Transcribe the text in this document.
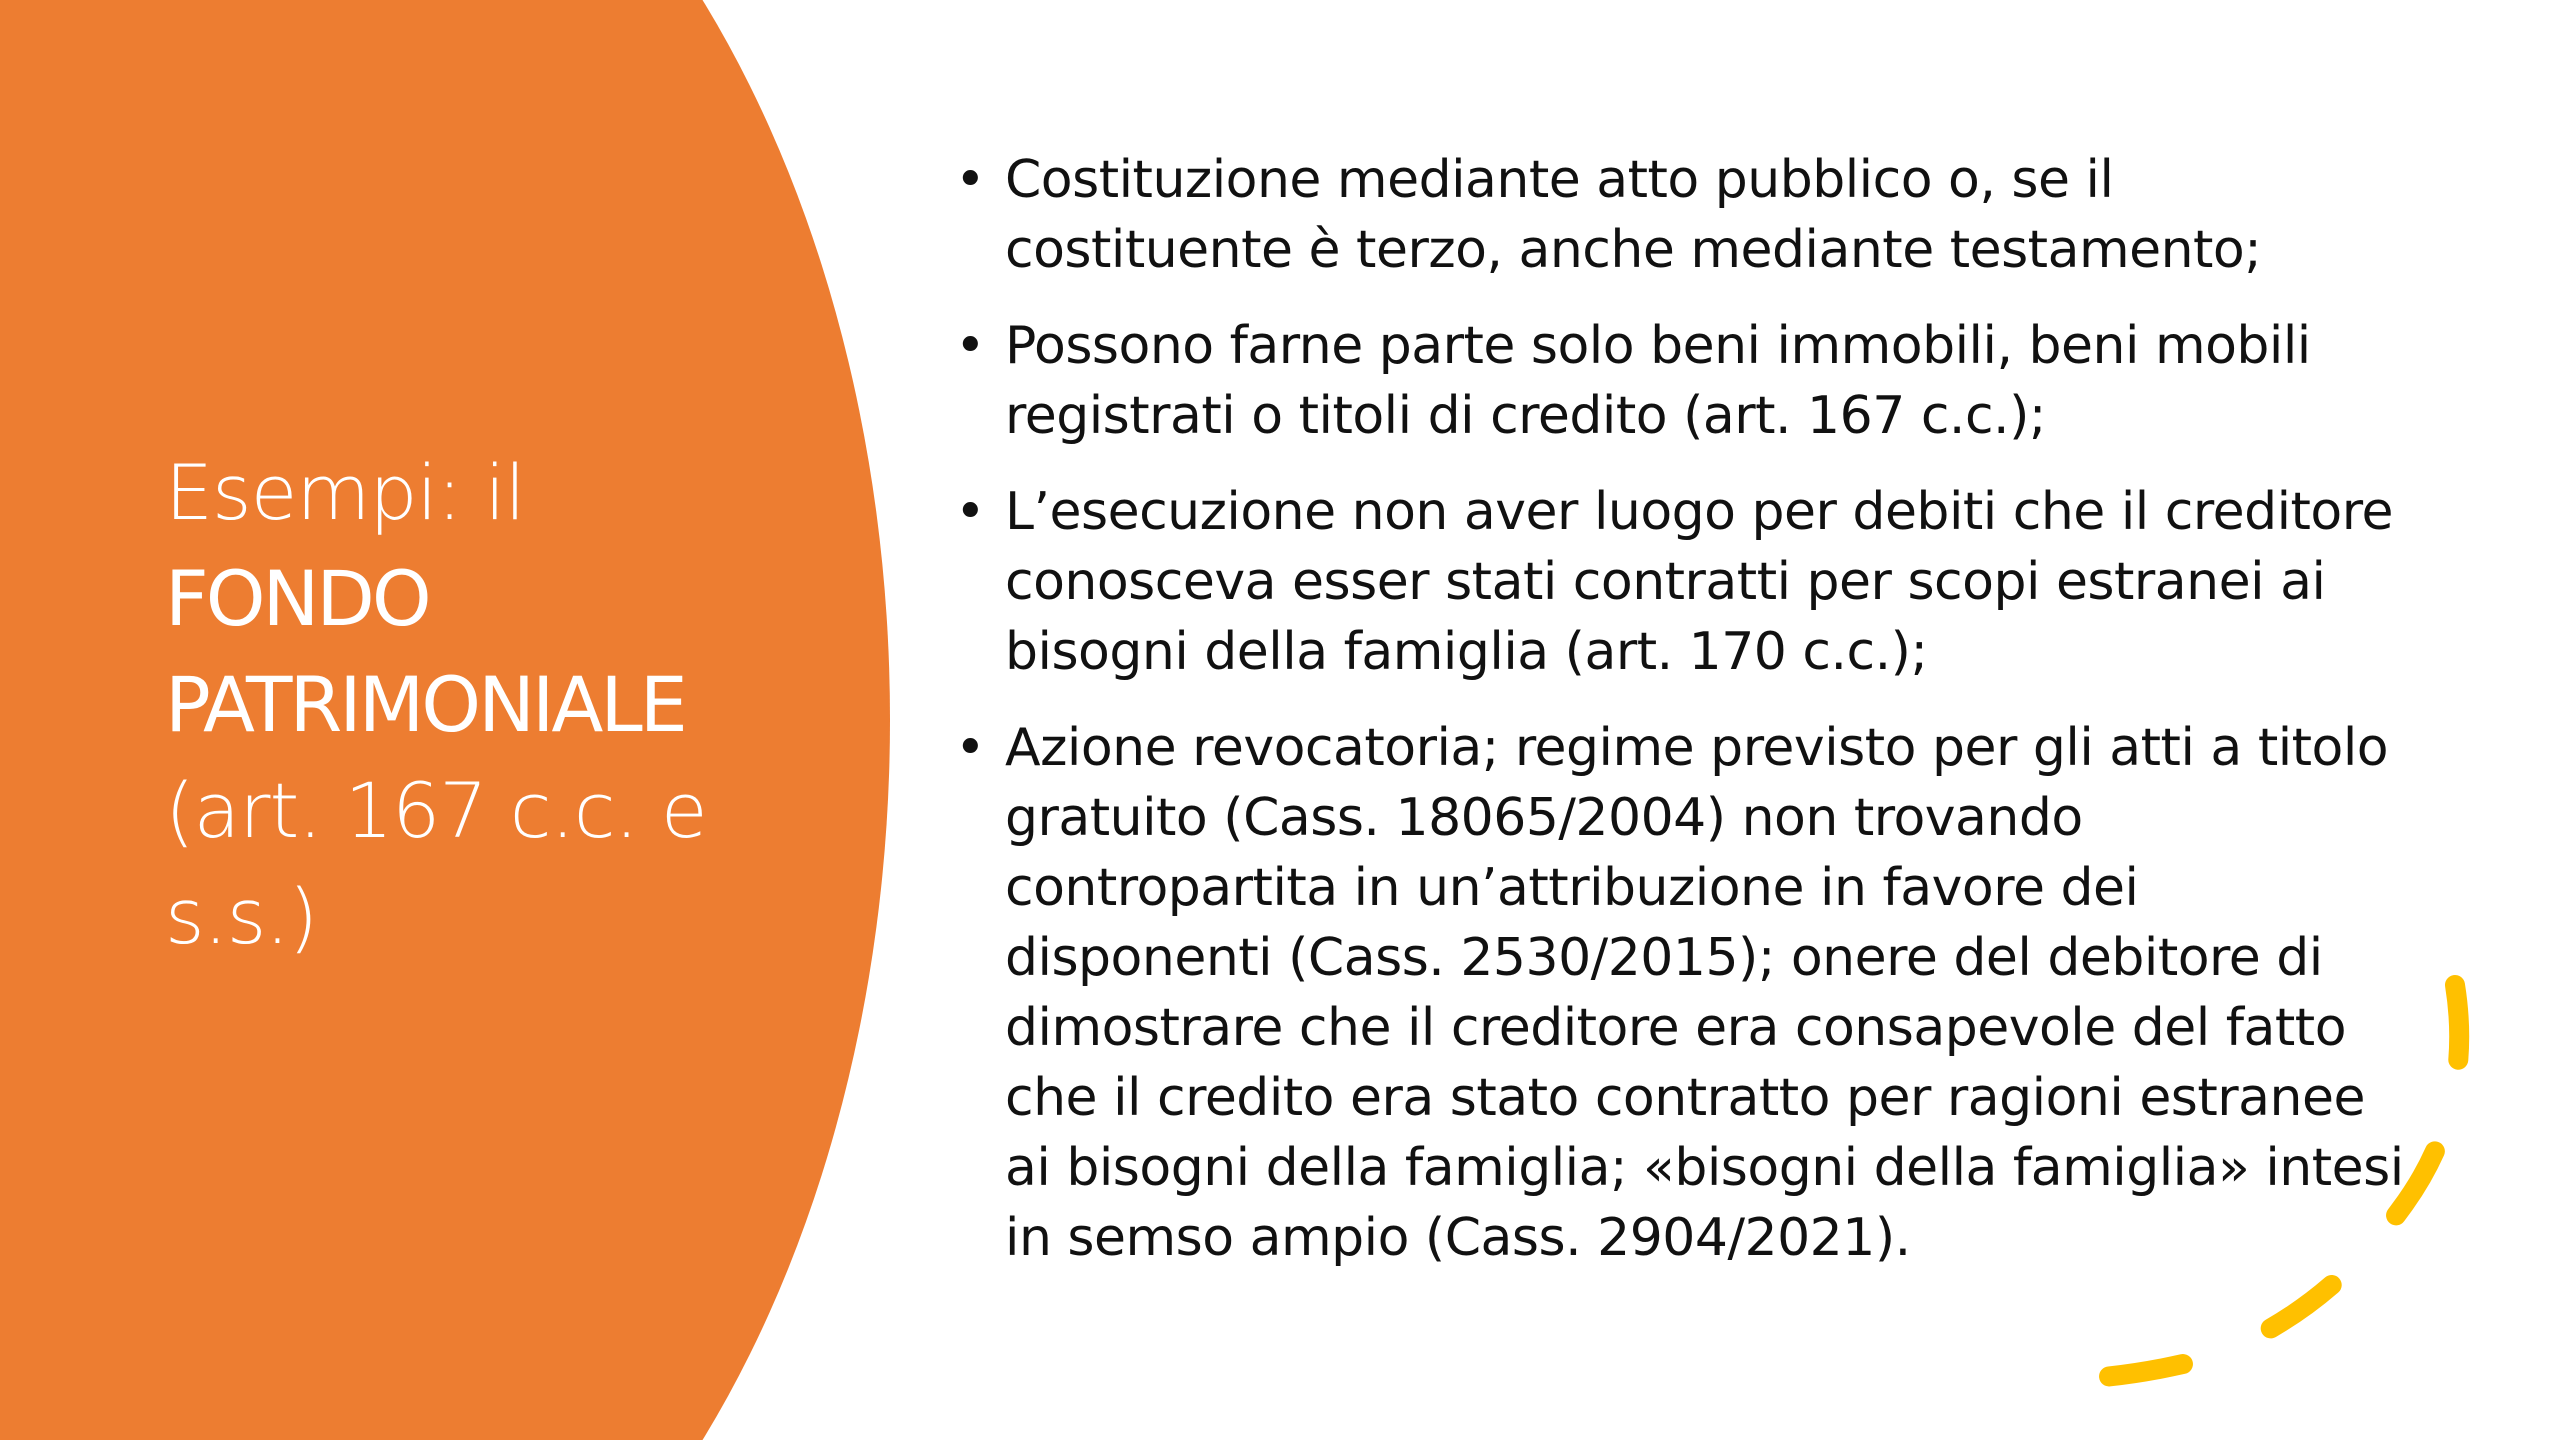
Esempi: il

FONDO
PATRIMONIALE
(art. 167 c.c. e
s.s.)
• Costituzione mediante atto pubblico o, se il costituente è terzo, anche mediante testamento;
• Possono farne parte solo beni immobili, beni mobili registrati o titoli di credito (art. 167 c.c.);
• L’esecuzione non aver luogo per debiti che il creditore conosceva esser stati contratti per scopi estranei ai bisogni della famiglia (art. 170 c.c.);
• Azione revocatoria; regime previsto per gli atti a titolo gratuito (Cass. 18065/2004) non trovando contropartita in un’attribuzione in favore dei disponenti (Cass. 2530/2015); onere del debitore di dimostrare che il creditore era consapevole del fatto che il credito era stato contratto per ragioni estranee ai bisogni della famiglia; «bisogni della famiglia» intesi in semso ampio (Cass. 2904/2021).
